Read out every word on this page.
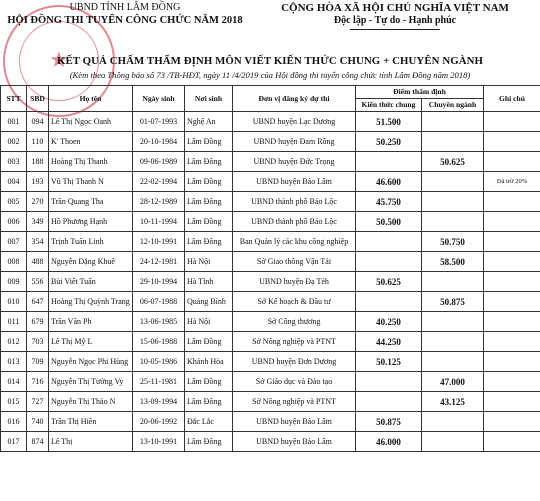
★
UBND TỈNH LÂM ĐỒNG
HỘI ĐỒNG THI TUYỂN CÔNG CHỨC NĂM 2018
CỘNG HÒA XÃ HỘI CHỦ NGHĨA VIỆT NAM
Độc lập - Tự do - Hạnh phúc
KẾT QUẢ CHẤM THẨM ĐỊNH MÔN VIẾT KIẾN THỨC CHUNG + CHUYÊN NGÀNH
(Kèm theo Thông báo số 73 /TB-HĐT, ngày 11 /4/2019 của Hội đồng thi tuyển công chức tỉnh Lâm Đồng năm 2018)
STT	SBD	Họ tên	Ngày sinh	Nơi sinh	Đơn vị đăng ký dự thi	Điểm thẩm định		Ghi chú
						Kiến thức chung	Chuyên ngành	
001	094	Lê Thị Ngọc Oanh	01-07-1993	Nghệ An	UBND huyện Lạc Dương	51.500		
002	110	K' Thoen	20-10-1984	Lâm Đồng	UBND huyện Đam Rông	50.250		
003	188	Hoàng Thị Thanh	09-06-1989	Lâm Đồng	UBND huyện Đức Trọng		50.625	
004	193	Vũ Thị Thanh N	22-02-1994	Lâm Đồng	UBND huyện Bảo Lâm	46.600		Đã trừ 20%
005	270	Trần Quang Tha	28-12-1989	Lâm Đồng	UBND thành phố Bảo Lộc	45.750		
006	349	Hồ Phương Hạnh	10-11-1994	Lâm Đồng	UBND thành phố Bảo Lộc	50.500		
007	354	Trịnh Tuấn Linh	12-10-1991	Lâm Đồng	Ban Quản lý các khu công nghiệp		50.750	
008	488	Nguyễn Đặng Khuê	24-12-1981	Hà Nội	Sở Giao thông Vận Tải		58.500	
009	556	Bùi Viết Tuấn	29-10-1994	Hà Tĩnh	UBND huyện Đạ Tẻh	50.625		
010	647	Hoàng Thị Quỳnh Trang	06-07-1988	Quảng Bình	Sở Kế hoạch & Đầu tư		50.875	
011	679	Trần Văn Ph	13-06-1985	Hà Nội	Sở Công thương	40.250		
012	703	Lê Thị Mỹ L	15-06-1988	Lâm Đồng	Sở Nông nghiệp và PTNT	44.250		
013	709	Nguyễn Ngọc Phi Hùng	10-05-1986	Khánh Hòa	UBND huyện Đơn Dương	50.125		
014	716	Nguyễn Thị Tường Vy	25-11-1981	Lâm Đồng	Sở Giáo dục và Đào tạo		47.000	
015	727	Nguyễn Thị Thảo N	13-09-1994	Lâm Đồng	Sở Nông nghiệp và PTNT		43.125	
016	740	Trần Thị Hiền	20-06-1992	Đắc Lắc	UBND huyện Bảo Lâm	50.875		
017	874	Lê Thị	13-10-1991	Lâm Đồng	UBND huyện Bảo Lâm	46.000		
